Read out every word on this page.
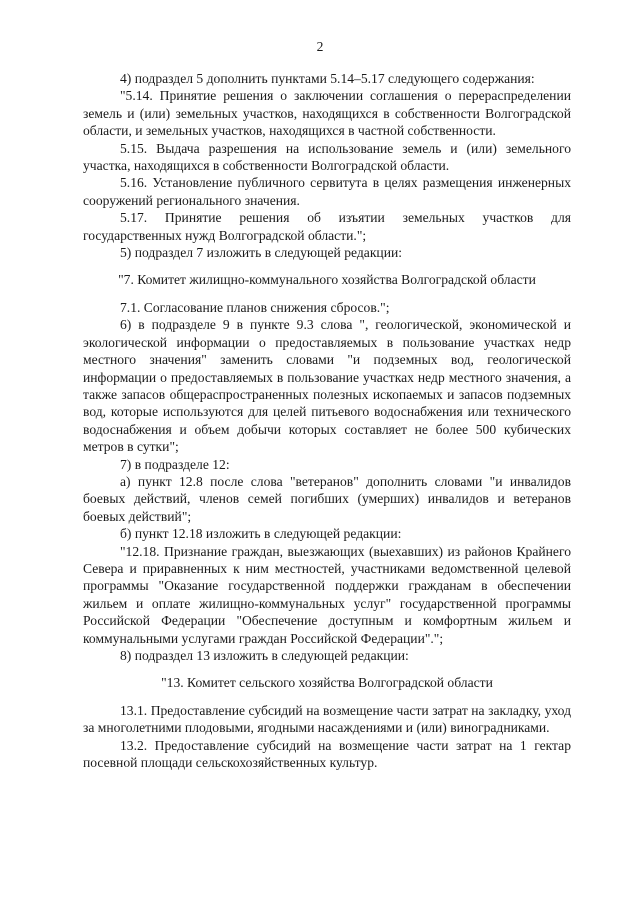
2

4) подраздел 5 дополнить пунктами 5.14–5.17 следующего содержания:

"5.14. Принятие решения о заключении соглашения о перераспределении земель и (или) земельных участков, находящихся в собственности Волгоградской области, и земельных участков, находящихся в частной собственности.

5.15. Выдача разрешения на использование земель и (или) земельного участка, находящихся в собственности Волгоградской области.

5.16. Установление публичного сервитута в целях размещения инженерных сооружений регионального значения.

5.17. Принятие решения об изъятии земельных участков для государственных нужд Волгоградской области.";

5) подраздел 7 изложить в следующей редакции:

"7. Комитет жилищно-коммунального хозяйства Волгоградской области

7.1. Согласование планов снижения сбросов.";

6) в подразделе 9 в пункте 9.3 слова ", геологической, экономической и экологической информации о предоставляемых в пользование участках недр местного значения" заменить словами "и подземных вод, геологической информации о предоставляемых в пользование участках недр местного значения, а также запасов общераспространенных полезных ископаемых и запасов подземных вод, которые используются для целей питьевого водоснабжения или технического водоснабжения и объем добычи которых составляет не более 500 кубических метров в сутки";

7) в подразделе 12:

а) пункт 12.8 после слова "ветеранов" дополнить словами "и инвалидов боевых действий, членов семей погибших (умерших) инвалидов и ветеранов боевых действий";

б) пункт 12.18 изложить в следующей редакции:

"12.18. Признание граждан, выезжающих (выехавших) из районов Крайнего Севера и приравненных к ним местностей, участниками ведомственной целевой программы "Оказание государственной поддержки гражданам в обеспечении жильем и оплате жилищно-коммунальных услуг" государственной программы Российской Федерации "Обеспечение доступным и комфортным жильем и коммунальными услугами граждан Российской Федерации".";

8) подраздел 13 изложить в следующей редакции:

"13. Комитет сельского хозяйства Волгоградской области

13.1. Предоставление субсидий на возмещение части затрат на закладку, уход за многолетними плодовыми, ягодными насаждениями и (или) виноградниками.

13.2. Предоставление субсидий на возмещение части затрат на 1 гектар посевной площади сельскохозяйственных культур.
